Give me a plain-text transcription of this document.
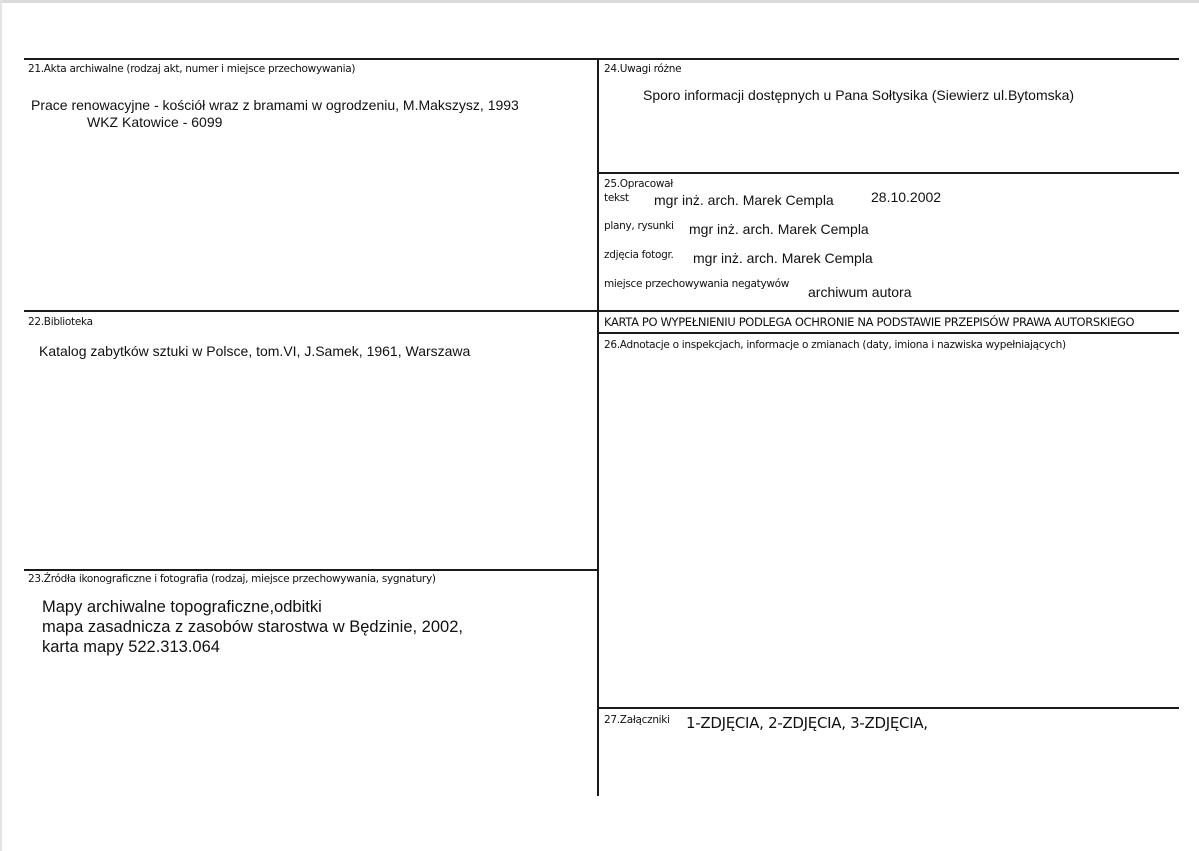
21.Akta archiwalne (rodzaj akt, numer i miejsce przechowywania)
Prace renowacyjne - kościół wraz z bramami w ogrodzeniu, M.Makszysz, 1993
WKZ Katowice - 6099
22.Biblioteka
Katalog zabytków sztuki w Polsce, tom.VI, J.Samek, 1961, Warszawa
23.Źródła ikonograficzne i fotografia (rodzaj, miejsce przechowywania, sygnatury)
Mapy archiwalne topograficzne,odbitki
mapa zasadnicza z zasobów starostwa w Będzinie, 2002,
karta mapy 522.313.064
24.Uwagi różne
Sporo informacji dostępnych u Pana Sołtysika (Siewierz ul.Bytomska)
25.Opracował
tekst mgr inż. arch. Marek Cempla	28.10.2002
plany, rysunki mgr inż. arch. Marek Cempla
zdjęcia fotogr. mgr inż. arch. Marek Cempla
miejsce przechowywania negatywów archiwum autora
KARTA PO WYPEŁNIENIU PODLEGA OCHRONIE NA PODSTAWIE PRZEPISÓW PRAWA AUTORSKIEGO
26.Adnotacje o inspekcjach, informacje o zmianach (daty, imiona i nazwiska wypełniających)
27.Załączniki 1-ZDJĘCIA, 2-ZDJĘCIA, 3-ZDJĘCIA,
